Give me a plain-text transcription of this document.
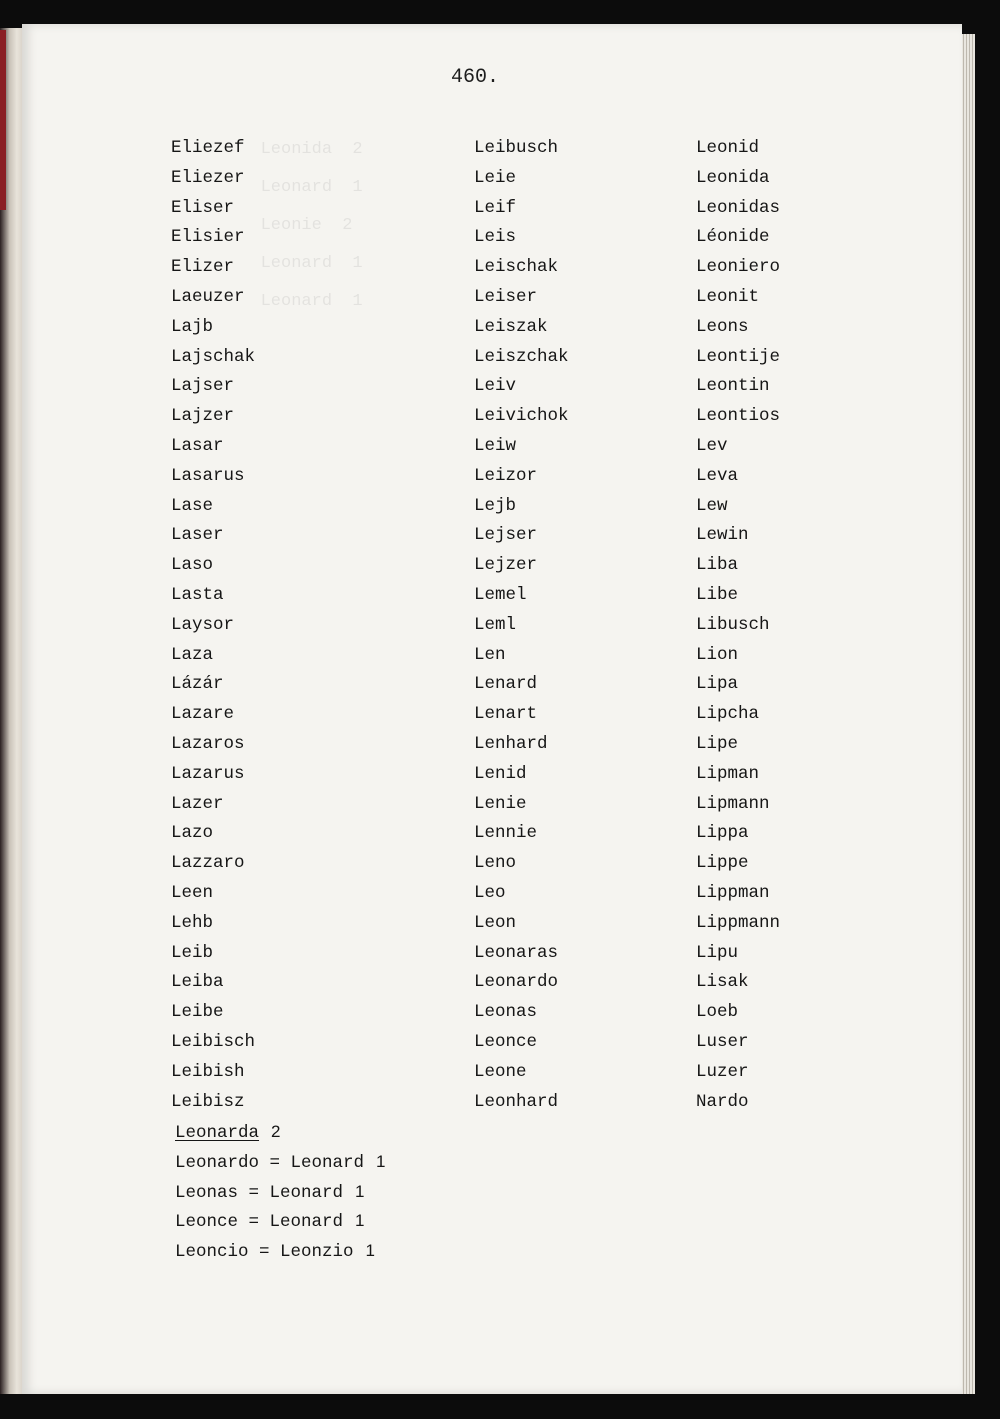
460.
Eliezef
Eliezer
Eliser
Elisier
Elizer
Laeuzer
Lajb
Lajschak
Lajser
Lajzer
Lasar
Lasarus
Lase
Laser
Laso
Lasta
Laysor
Laza
Lázár
Lazare
Lazaros
Lazarus
Lazer
Lazo
Lazzaro
Leen
Lehb
Leib
Leiba
Leibe
Leibisch
Leibish
Leibisz
Leibusch
Leie
Leif
Leis
Leischak
Leiser
Leiszak
Leiszchak
Leiv
Leivichok
Leiw
Leizor
Lejb
Lejser
Lejzer
Lemel
Leml
Len
Lenard
Lenart
Lenhard
Lenid
Lenie
Lennie
Leno
Leo
Leon
Leonaras
Leonardo
Leonas
Leonce
Leone
Leonhard
Leonid
Leonida
Leonidas
Léonide
Leoniero
Leonit
Leons
Leontije
Leontin
Leontios
Lev
Leva
Lew
Lewin
Liba
Libe
Libusch
Lion
Lipa
Lipcha
Lipe
Lipman
Lipmann
Lippa
Lippe
Lippman
Lippmann
Lipu
Lisak
Loeb
Luser
Luzer
Nardo
Leonarda 2
Leonardo = Leonard 1
Leonas = Leonard 1
Leonce = Leonard 1
Leoncio = Leonzio 1
